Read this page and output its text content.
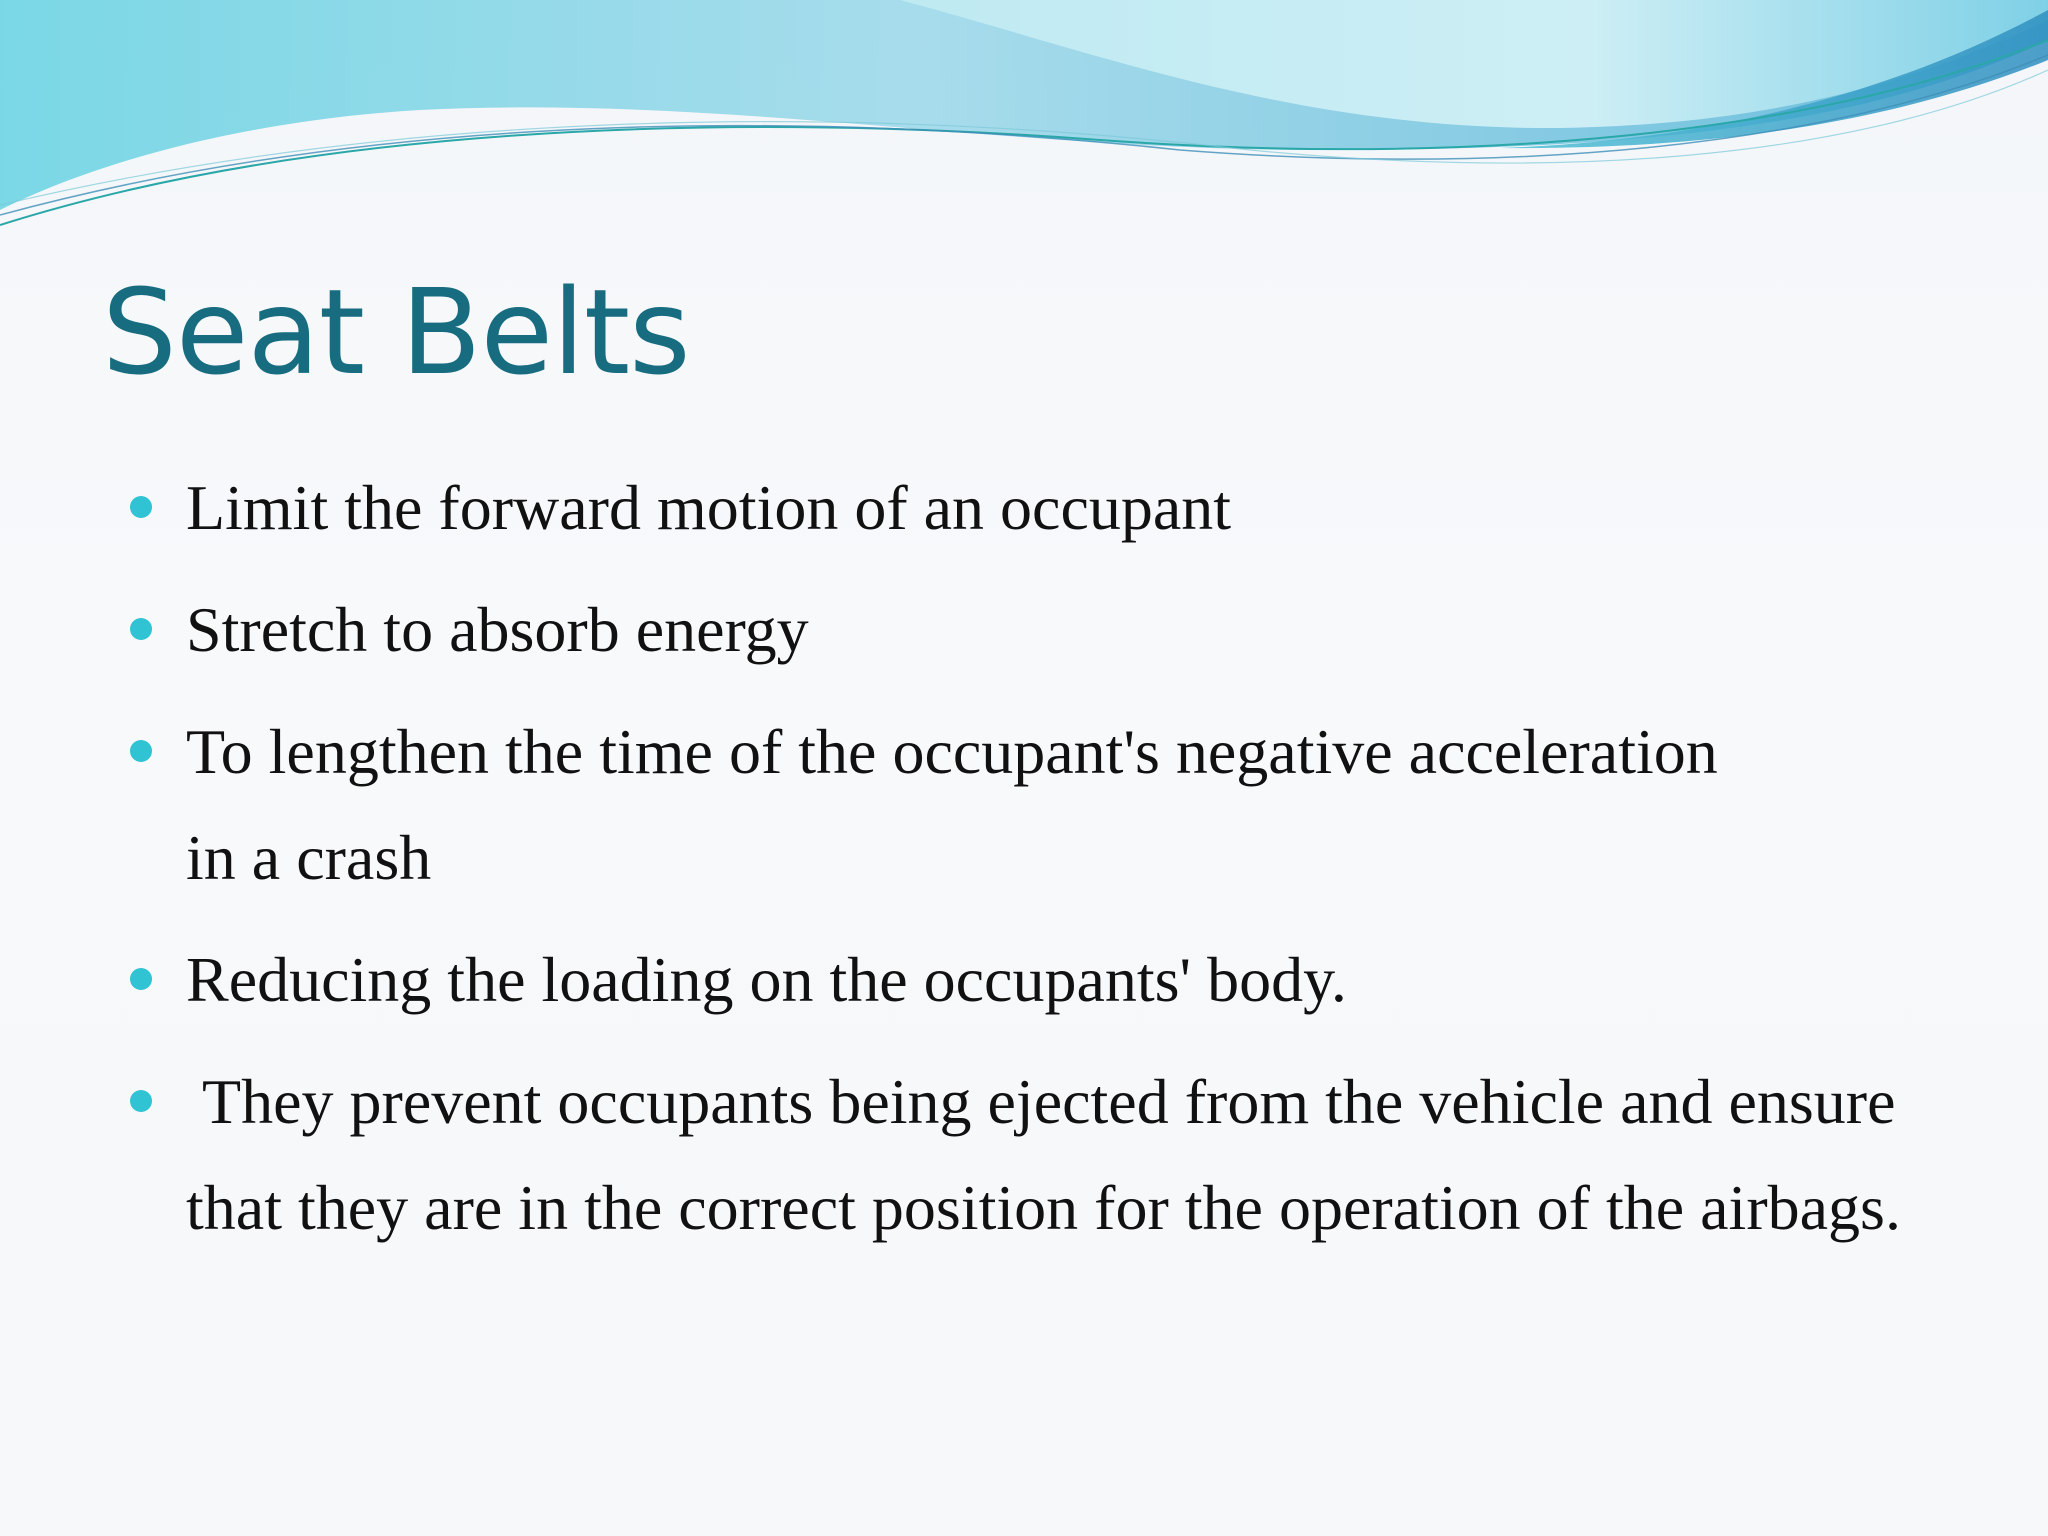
Seat Belts
Limit the forward motion of an occupant
Stretch to absorb energy
To lengthen the time of the occupant's negative acceleration in a crash
Reducing the loading on the occupants' body.
They prevent occupants being ejected from the vehicle and ensure that they are in the correct position for the operation of the airbags.
